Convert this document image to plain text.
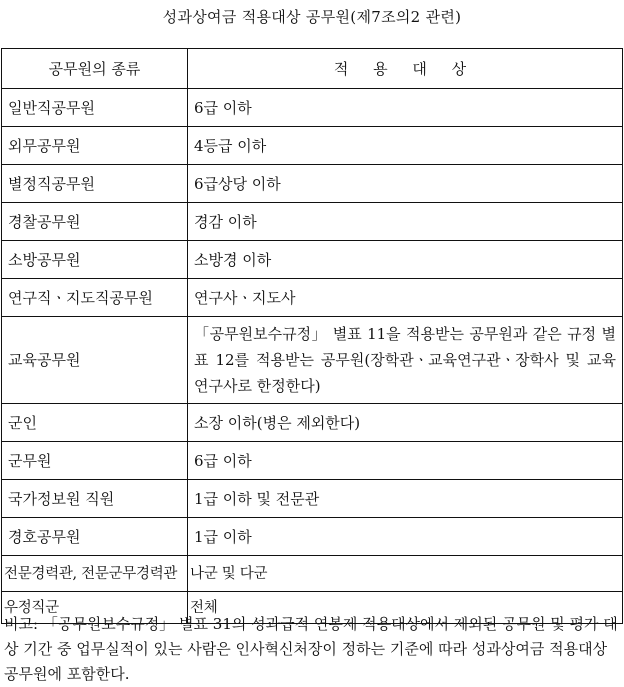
성과상여금 적용대상 공무원(제7조의2 관련)
공무원의 종류	적 용 대 상
일반직공무원	6급 이하
외무공무원	4등급 이하
별정직공무원	6급상당 이하
경찰공무원	경감 이하
소방공무원	소방경 이하
연구직ㆍ지도직공무원	연구사ㆍ지도사
교육공무원	「공무원보수규정」 별표 11을 적용받는 공무원과 같은 규정 별표 12를 적용받는 공무원(장학관ㆍ교육연구관ㆍ장학사 및 교육연구사로 한정한다)
군인	소장 이하(병은 제외한다)
군무원	6급 이하
국가정보원 직원	1급 이하 및 전문관
경호공무원	1급 이하
전문경력관, 전문군무경력관	나군 및 다군
우정직군	전체
비고: 「공무원보수규정」 별표 31의 성과급적 연봉제 적용대상에서 제외된 공무원 및 평가 대상 기간 중 업무실적이 있는 사람은 인사혁신처장이 정하는 기준에 따라 성과상여금 적용대상 공무원에 포함한다.
